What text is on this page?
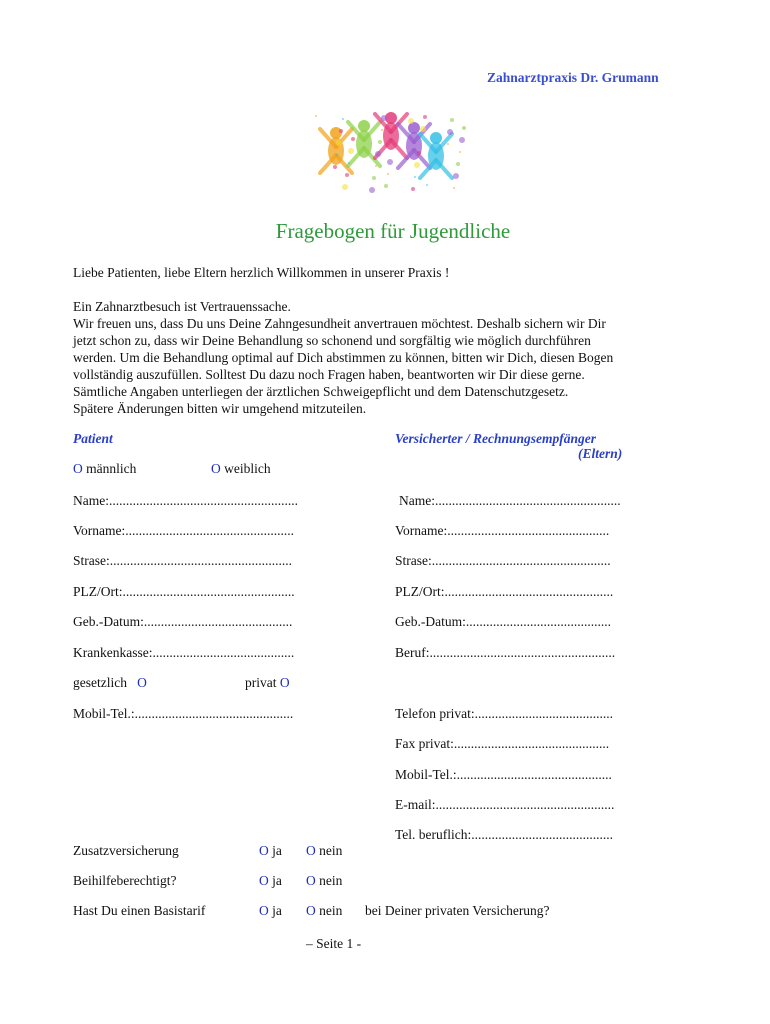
Zahnarztpraxis Dr. Grumann
Fragebogen für Jugendliche
Liebe Patienten, liebe Eltern herzlich Willkommen in unserer Praxis !
Ein Zahnarztbesuch ist Vertrauenssache.
Wir freuen uns, dass Du uns Deine Zahngesundheit anvertrauen möchtest. Deshalb sichern wir Dir
jetzt schon zu, dass wir Deine Behandlung so schonend und sorgfältig wie möglich durchführen
werden. Um die Behandlung optimal auf Dich abstimmen zu können, bitten wir Dich, diesen Bogen
vollständig auszufüllen. Solltest Du dazu noch Fragen haben, beantworten wir Dir diese gerne.
Sämtliche Angaben unterliegen der ärztlichen Schweigepflicht und dem Datenschutzgesetz.
Spätere Änderungen bitten wir umgehend mitzuteilen.
Patient	Versicherter / Rechnungsempfänger
(Eltern)
O männlich	O weiblich
Name:........................................................
Vorname:..................................................
Strase:......................................................
PLZ/Ort:...................................................
Geb.-Datum:............................................
Krankenkasse:..........................................
gesetzlich O	privat O
Mobil-Tel.:...............................................
Name:.......................................................
Vorname:................................................
Strase:.....................................................
PLZ/Ort:..................................................
Geb.-Datum:...........................................
Beruf:.......................................................
Telefon privat:.........................................
Fax privat:..............................................
Mobil-Tel.:..............................................
E-mail:.....................................................
Tel. beruflich:..........................................
Zusatzversicherung	O ja O nein
Beihilfeberechtigt?	O ja O nein
Hast Du einen Basistarif	O ja O nein bei Deiner privaten Versicherung?
– Seite 1 -
